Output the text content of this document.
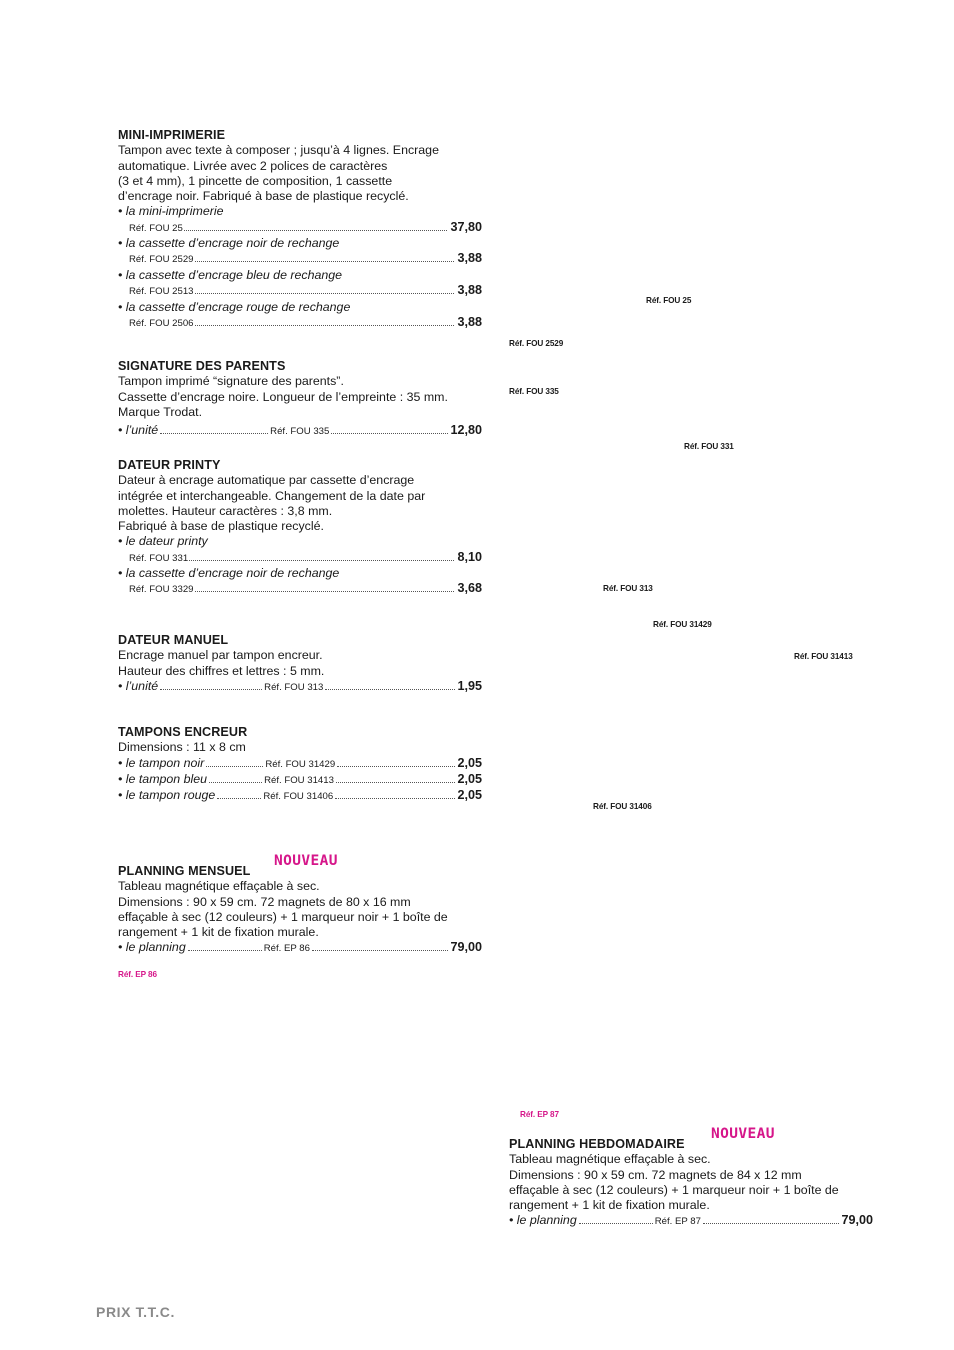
MINI-IMPRIMERIE
Tampon avec texte à composer ; jusqu’à 4 lignes. Encrage
automatique. Livrée avec 2 polices de caractères
(3 et 4 mm), 1 pincette de composition, 1 cassette
d’encrage noir. Fabriqué à base de plastique recyclé.
• la mini-imprimerie
Réf. FOU 25	37,80
• la cassette d’encrage noir de rechange
Réf. FOU 2529	3,88
• la cassette d’encrage bleu de rechange
Réf. FOU 2513	3,88
• la cassette d’encrage rouge de rechange
Réf. FOU 2506	3,88
SIGNATURE DES PARENTS
Tampon imprimé “signature des parents”.
Cassette d’encrage noire. Longueur de l’empreinte : 35 mm.
Marque Trodat.
• l’unité	Réf. FOU 335	12,80
DATEUR PRINTY
Dateur à encrage automatique par cassette d’encrage
intégrée et interchangeable. Changement de la date par
molettes. Hauteur caractères : 3,8 mm.
Fabriqué à base de plastique recyclé.
• le dateur printy
Réf. FOU 331	8,10
• la cassette d’encrage noir de rechange
Réf. FOU 3329	3,68
DATEUR MANUEL
Encrage manuel par tampon encreur.
Hauteur des chiffres et lettres : 5 mm.
• l’unité	Réf. FOU 313	1,95
TAMPONS ENCREUR
Dimensions : 11 x 8 cm
• le tampon noir	Réf. FOU 31429	2,05
• le tampon bleu	Réf. FOU 31413	2,05
• le tampon rouge	Réf. FOU 31406	2,05
NOUVEAU
PLANNING MENSUEL
Tableau magnétique effaçable à sec.
Dimensions : 90 x 59 cm. 72 magnets de 80 x 16 mm
effaçable à sec (12 couleurs) + 1 marqueur noir + 1 boîte de
rangement + 1 kit de fixation murale.
• le planning	Réf. EP 86	79,00
NOUVEAU
PLANNING HEBDOMADAIRE
Tableau magnétique effaçable à sec.
Dimensions : 90 x 59 cm. 72 magnets de 84 x 12 mm
effaçable à sec (12 couleurs) + 1 marqueur noir + 1 boîte de
rangement + 1 kit de fixation murale.
• le planning	Réf. EP 87	79,00
Réf. FOU 25
Réf. FOU 2529
Réf. FOU 335
Réf. FOU 331
Réf. FOU 313
Réf. FOU 31429
Réf. FOU 31413
Réf. FOU 31406
Réf. EP 86
Réf. EP 87
PRIX T.T.C.
